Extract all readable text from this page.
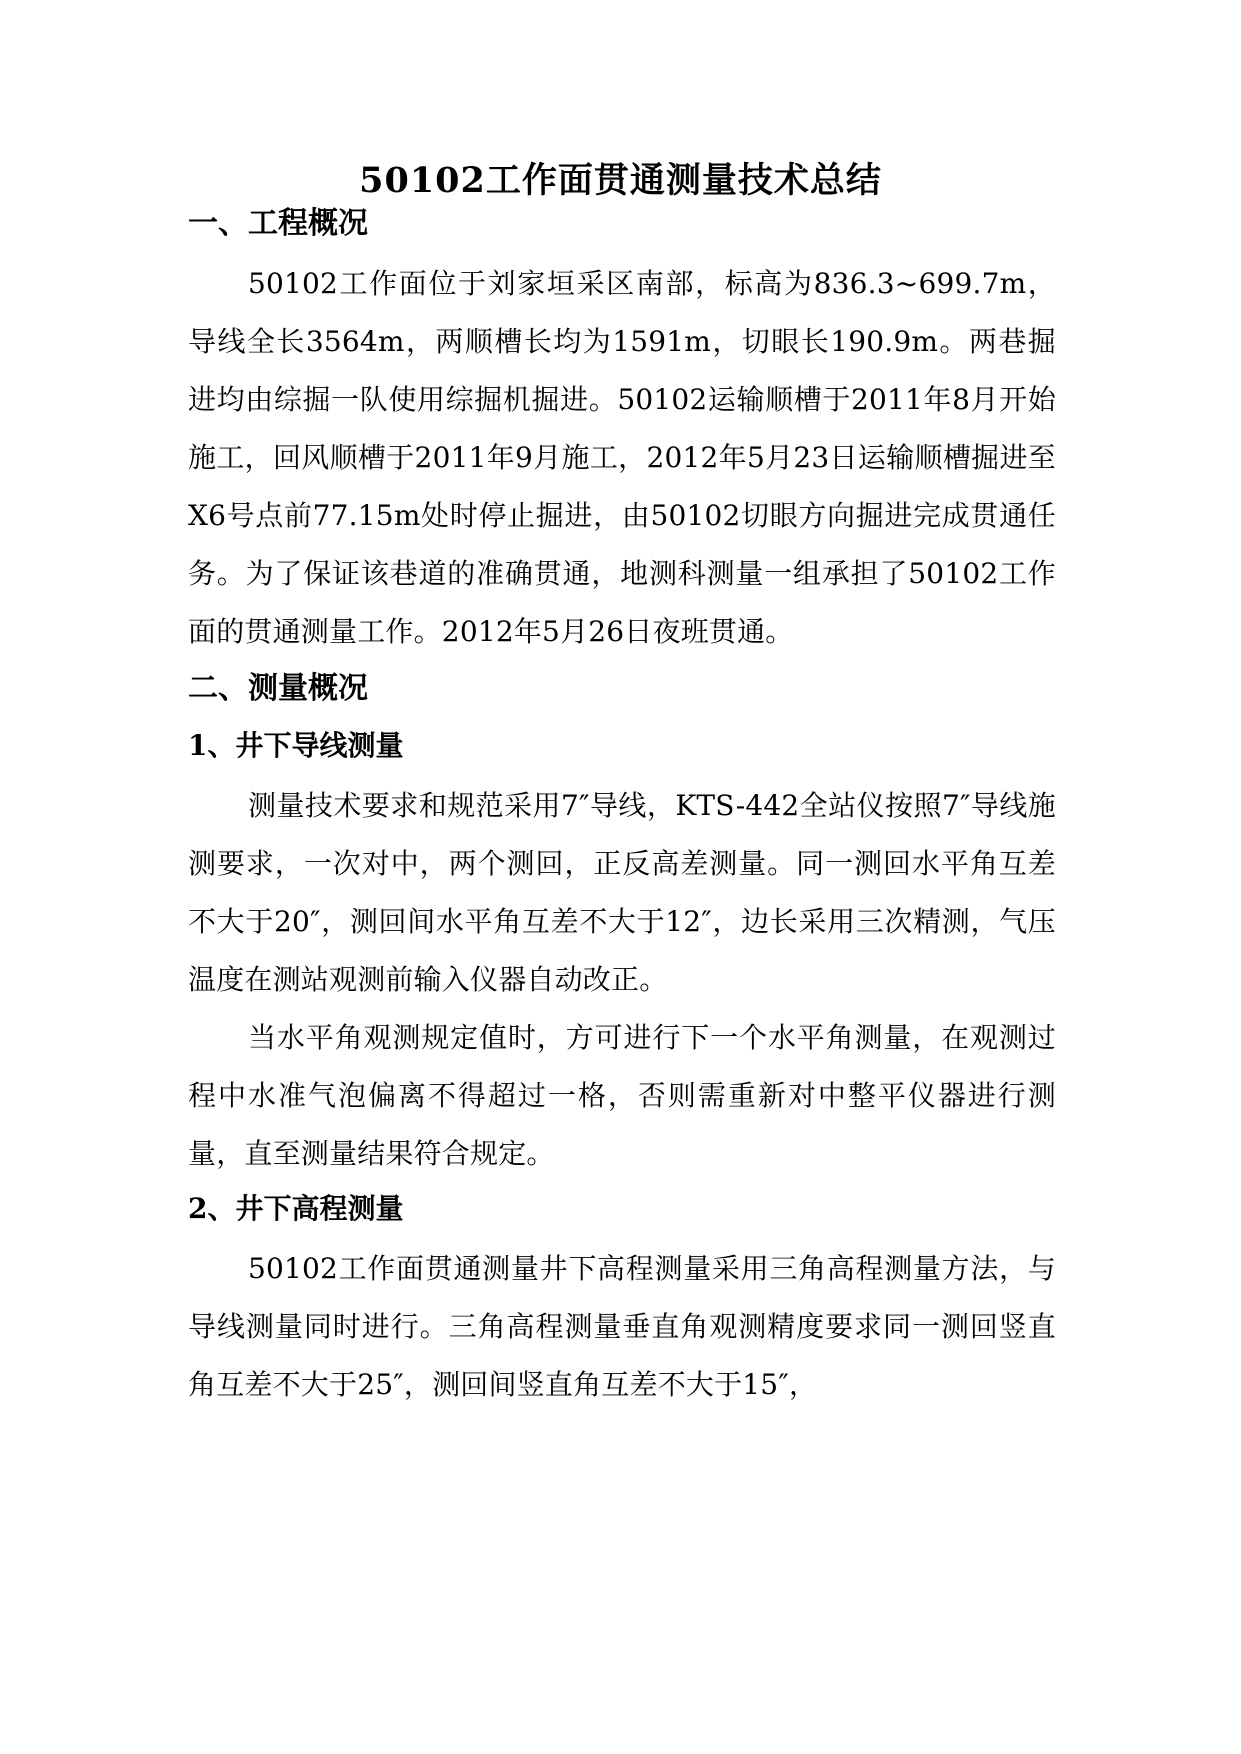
50102工作面贯通测量技术总结
一、工程概况

50102工作面位于刘家垣采区南部，标高为836.3~699.7m，导线全长3564m，两顺槽长均为1591m，切眼长190.9m。两巷掘进均由综掘一队使用综掘机掘进。50102运输顺槽于2011年8月开始施工，回风顺槽于2011年9月施工，2012年5月23日运输顺槽掘进至X6号点前77.15m处时停止掘进，由50102切眼方向掘进完成贯通任务。为了保证该巷道的准确贯通，地测科测量一组承担了50102工作面的贯通测量工作。2012年5月26日夜班贯通。

二、测量概况
1、井下导线测量

测量技术要求和规范采用7″导线，KTS-442全站仪按照7″导线施测要求，一次对中，两个测回，正反高差测量。同一测回水平角互差不大于20″，测回间水平角互差不大于12″，边长采用三次精测，气压温度在测站观测前输入仪器自动改正。

当水平角观测规定值时，方可进行下一个水平角测量，在观测过程中水准气泡偏离不得超过一格，否则需重新对中整平仪器进行测量，直至测量结果符合规定。

2、井下高程测量

50102工作面贯通测量井下高程测量采用三角高程测量方法，与导线测量同时进行。三角高程测量垂直角观测精度要求同一测回竖直角互差不大于25″，测回间竖直角互差不大于15″，
